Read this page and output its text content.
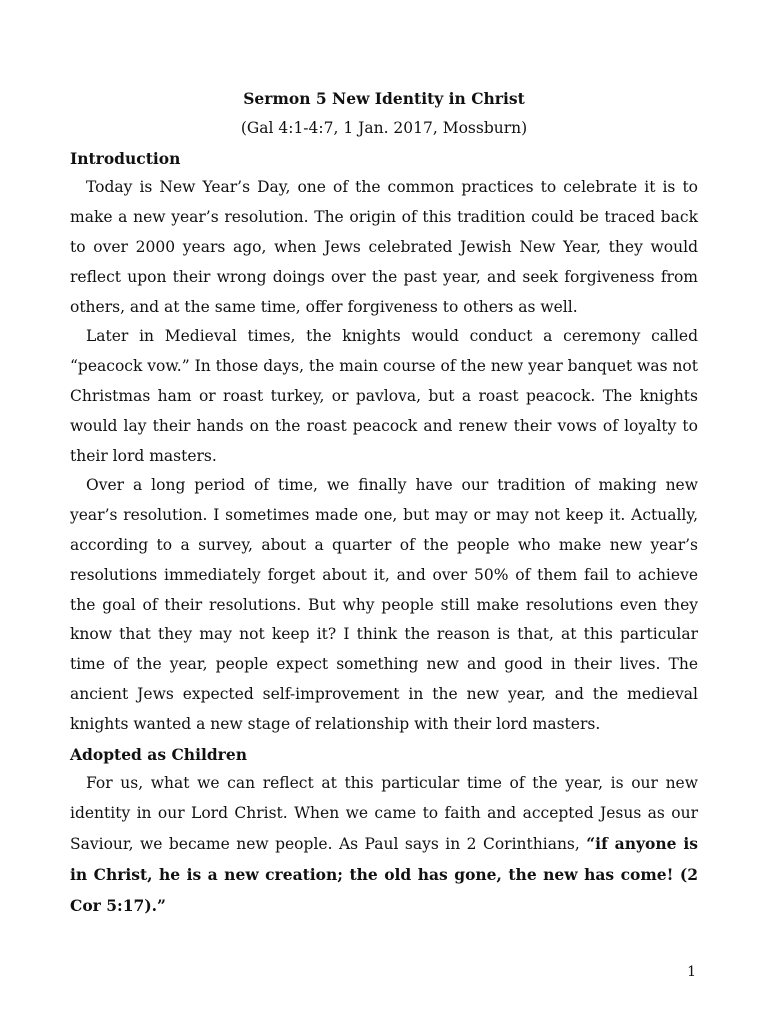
Sermon 5 New Identity in Christ

(Gal 4:1-4:7, 1 Jan. 2017, Mossburn)

Introduction

Today is New Year’s Day, one of the common practices to celebrate it is to make a new year’s resolution. The origin of this tradition could be traced back to over 2000 years ago, when Jews celebrated Jewish New Year, they would reflect upon their wrong doings over the past year, and seek forgiveness from others, and at the same time, offer forgiveness to others as well.

Later in Medieval times, the knights would conduct a ceremony called “peacock vow.” In those days, the main course of the new year banquet was not Christmas ham or roast turkey, or pavlova, but a roast peacock. The knights would lay their hands on the roast peacock and renew their vows of loyalty to their lord masters.

Over a long period of time, we finally have our tradition of making new year’s resolution. I sometimes made one, but may or may not keep it. Actually, according to a survey, about a quarter of the people who make new year’s resolutions immediately forget about it, and over 50% of them fail to achieve the goal of their resolutions. But why people still make resolutions even they know that they may not keep it? I think the reason is that, at this particular time of the year, people expect something new and good in their lives. The ancient Jews expected self-improvement in the new year, and the medieval knights wanted a new stage of relationship with their lord masters.

Adopted as Children

For us, what we can reflect at this particular time of the year, is our new identity in our Lord Christ. When we came to faith and accepted Jesus as our Saviour, we became new people. As Paul says in 2 Corinthians, “if anyone is in Christ, he is a new creation; the old has gone, the new has come! (2 Cor 5:17).”

1
